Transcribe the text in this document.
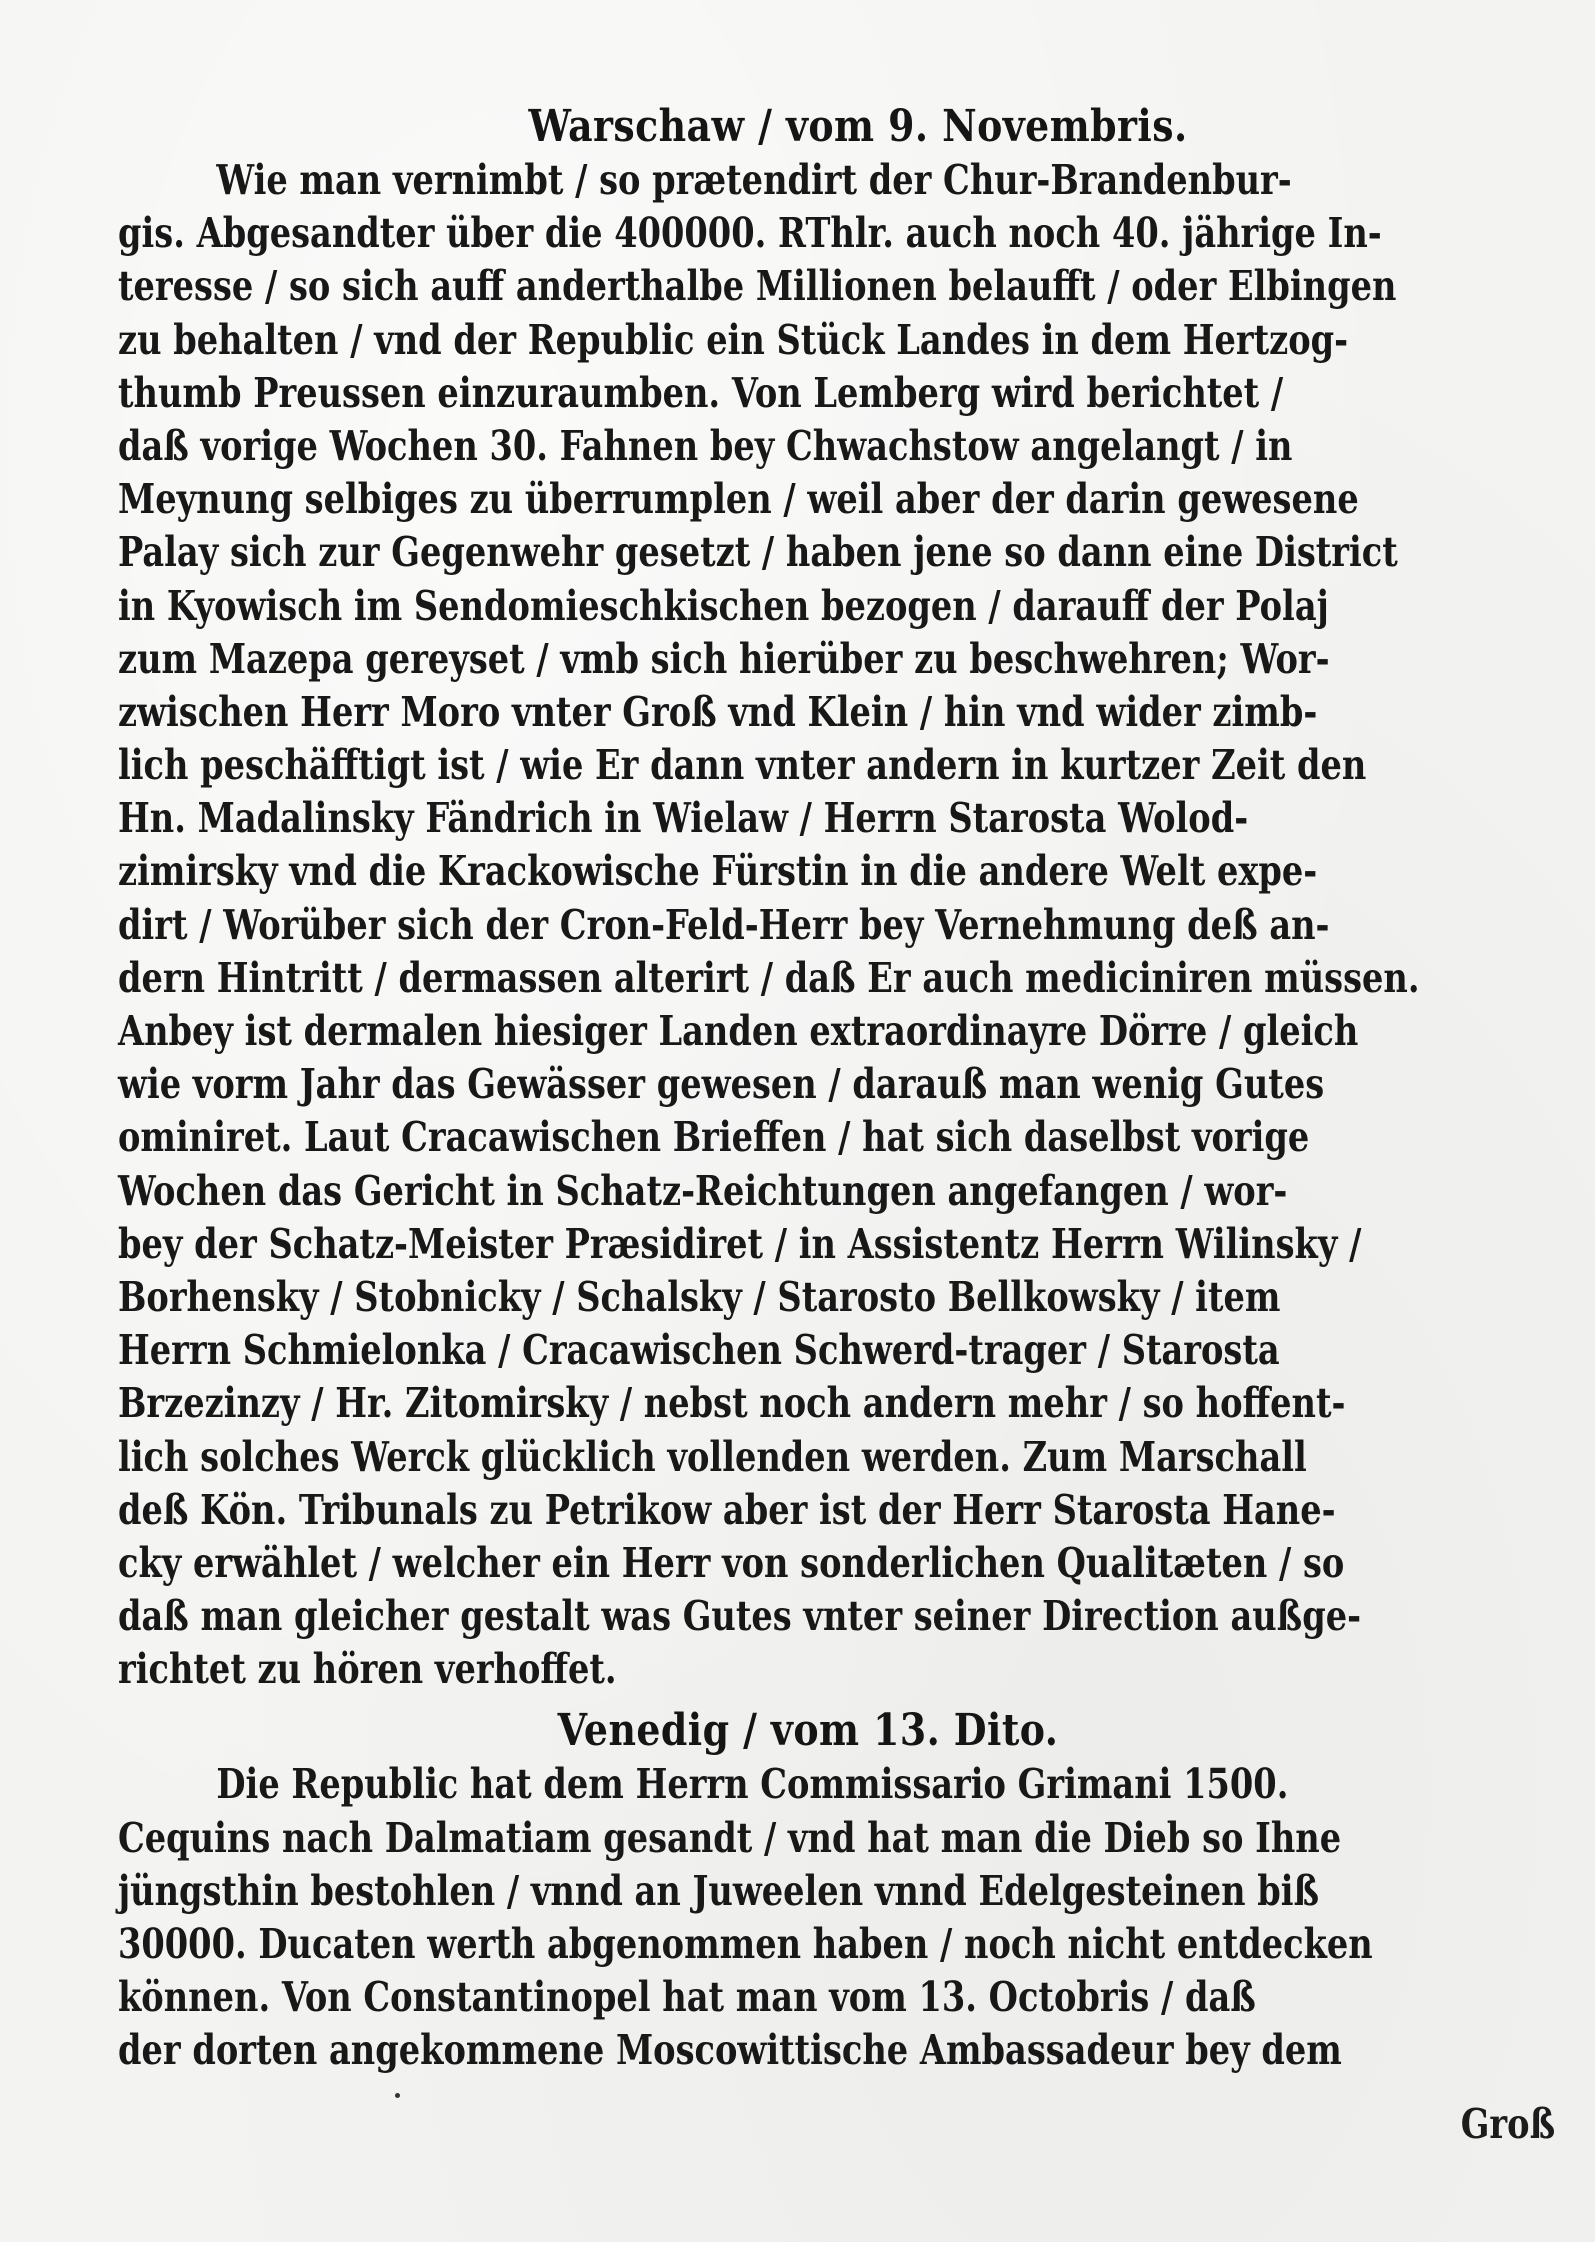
Warschaw / vom 9. Novembris.
Wie man vernimbt / so prætendirt der Chur-Brandenbur-
gis. Abgesandter über die 400000. RThlr. auch noch 40. jährige In-
teresse / so sich auff anderthalbe Millionen belaufft / oder Elbingen
zu behalten / vnd der Republic ein Stück Landes in dem Hertzog-
thumb Preussen einzuraumben. Von Lemberg wird berichtet /
daß vorige Wochen 30. Fahnen bey Chwachstow angelangt / in
Meynung selbiges zu überrumplen / weil aber der darin gewesene
Palay sich zur Gegenwehr gesetzt / haben jene so dann eine District
in Kyowisch im Sendomieschkischen bezogen / darauff der Polaj
zum Mazepa gereyset / vmb sich hierüber zu beschwehren; Wor-
zwischen Herr Moro vnter Groß vnd Klein / hin vnd wider zimb-
lich peschäfftigt ist / wie Er dann vnter andern in kurtzer Zeit den
Hn. Madalinsky Fändrich in Wielaw / Herrn Starosta Wolod-
zimirsky vnd die Krackowische Fürstin in die andere Welt expe-
dirt / Worüber sich der Cron-Feld-Herr bey Vernehmung deß an-
dern Hintritt / dermassen alterirt / daß Er auch mediciniren müssen.
Anbey ist dermalen hiesiger Landen extraordinayre Dörre / gleich
wie vorm Jahr das Gewässer gewesen / darauß man wenig Gutes
ominiret. Laut Cracawischen Brieffen / hat sich daselbst vorige
Wochen das Gericht in Schatz-Reichtungen angefangen / wor-
bey der Schatz-Meister Præsidiret / in Assistentz Herrn Wilinsky /
Borhensky / Stobnicky / Schalsky / Starosto Bellkowsky / item
Herrn Schmielonka / Cracawischen Schwerd-trager / Starosta
Brzezinzy / Hr. Zitomirsky / nebst noch andern mehr / so hoffent-
lich solches Werck glücklich vollenden werden. Zum Marschall
deß Kön. Tribunals zu Petrikow aber ist der Herr Starosta Hane-
cky erwählet / welcher ein Herr von sonderlichen Qualitæten / so
daß man gleicher gestalt was Gutes vnter seiner Direction außge-
richtet zu hören verhoffet.
Venedig / vom 13. Dito.
Die Republic hat dem Herrn Commissario Grimani 1500.
Cequins nach Dalmatiam gesandt / vnd hat man die Dieb so Ihne
jüngsthin bestohlen / vnnd an Juweelen vnnd Edelgesteinen biß
30000. Ducaten werth abgenommen haben / noch nicht entdecken
können. Von Constantinopel hat man vom 13. Octobris / daß
der dorten angekommene Moscowittische Ambassadeur bey dem
Groß
